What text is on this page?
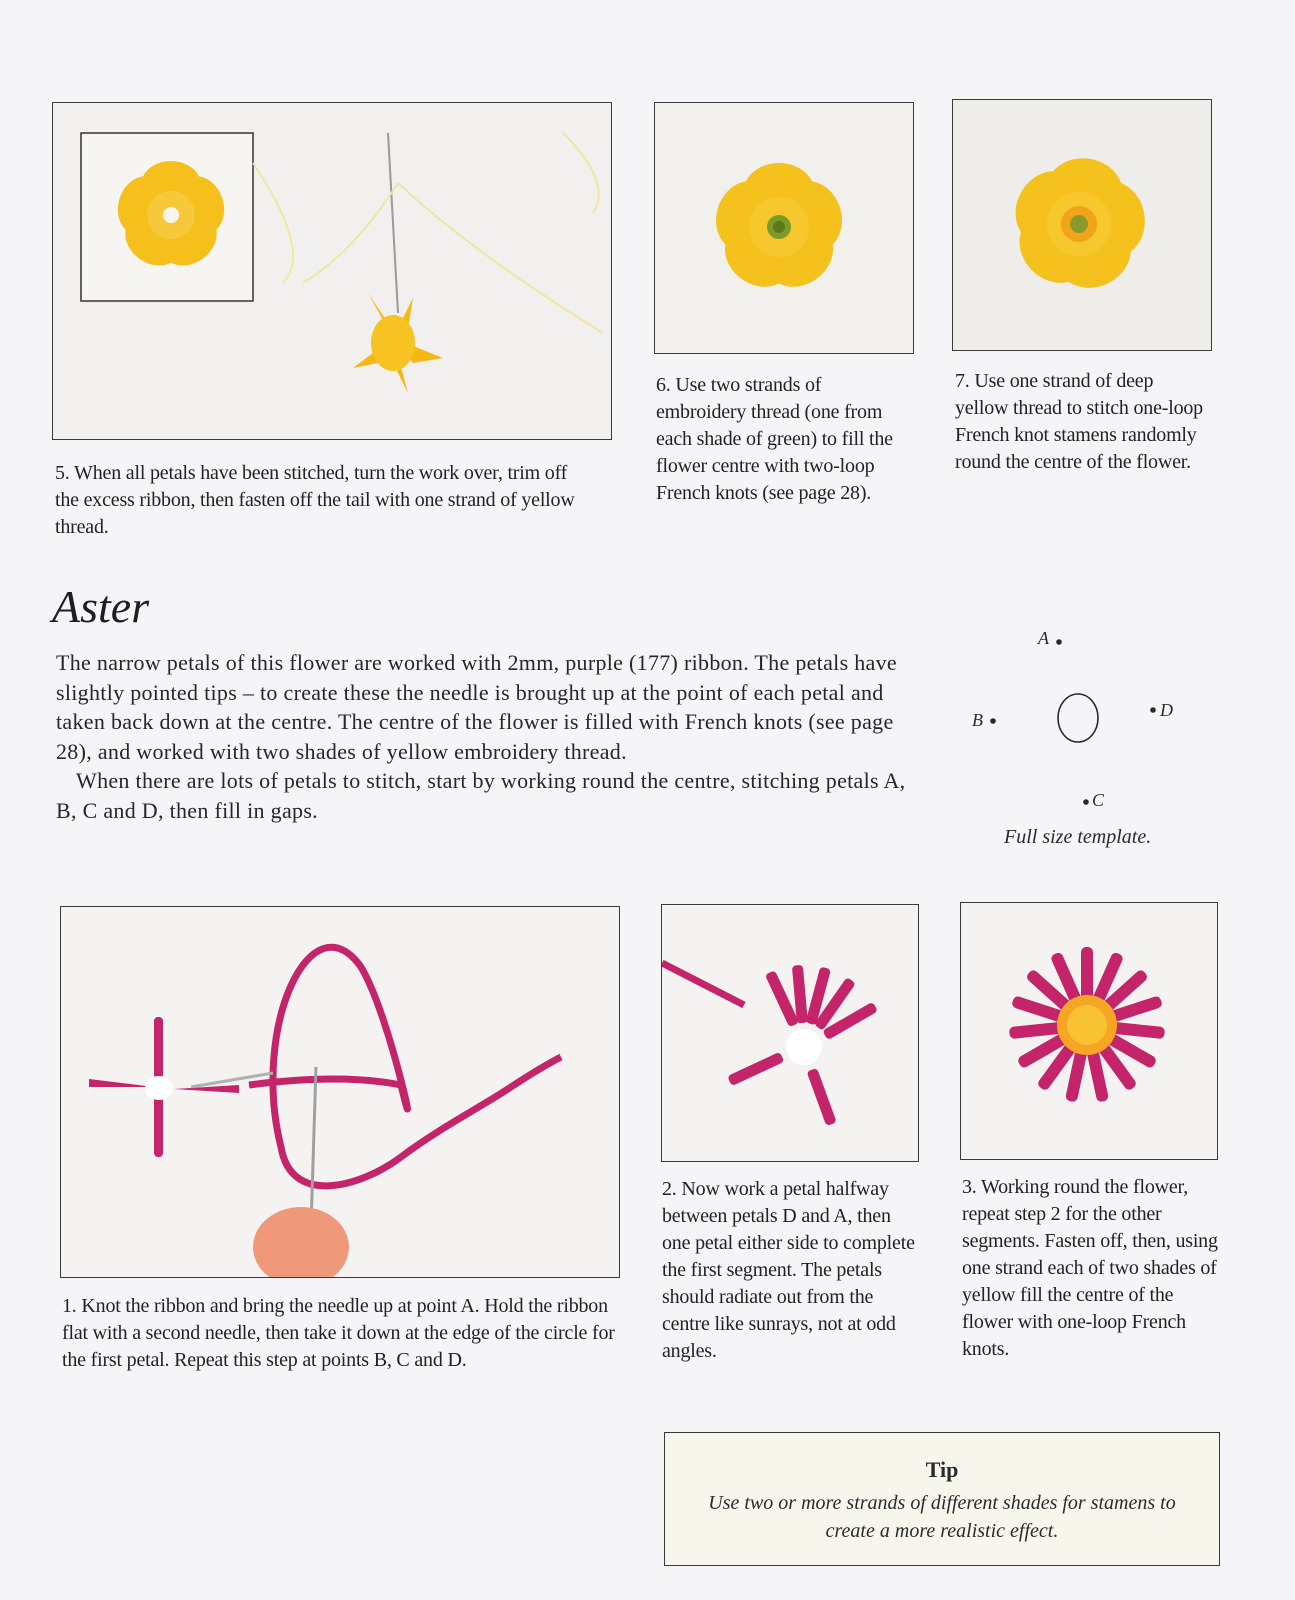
5. When all petals have been stitched, turn the work over, trim off the excess ribbon, then fasten off the tail with one strand of yellow thread.
6. Use two strands of embroidery thread (one from each shade of green) to fill the flower centre with two-loop French knots (see page 28).
7. Use one strand of deep yellow thread to stitch one-loop French knot stamens randomly round the centre of the flower.
Aster

The narrow petals of this flower are worked with 2mm, purple (177) ribbon. The petals have slightly pointed tips – to create these the needle is brought up at the point of each petal and taken back down at the centre. The centre of the flower is filled with French knots (see page 28), and worked with two shades of yellow embroidery thread.

When there are lots of petals to stitch, start by working round the centre, stitching petals A, B, C and D, then fill in gaps.

A
B
C
D
Full size template.
1. Knot the ribbon and bring the needle up at point A. Hold the ribbon flat with a second needle, then take it down at the edge of the circle for the first petal. Repeat this step at points B, C and D.
2. Now work a petal halfway between petals D and A, then one petal either side to complete the first segment. The petals should radiate out from the centre like sunrays, not at odd angles.
3. Working round the flower, repeat step 2 for the other segments. Fasten off, then, using one strand each of two shades of yellow fill the centre of the flower with one-loop French knots.
Tip
Use two or more strands of different shades for stamens to create a more realistic effect.
